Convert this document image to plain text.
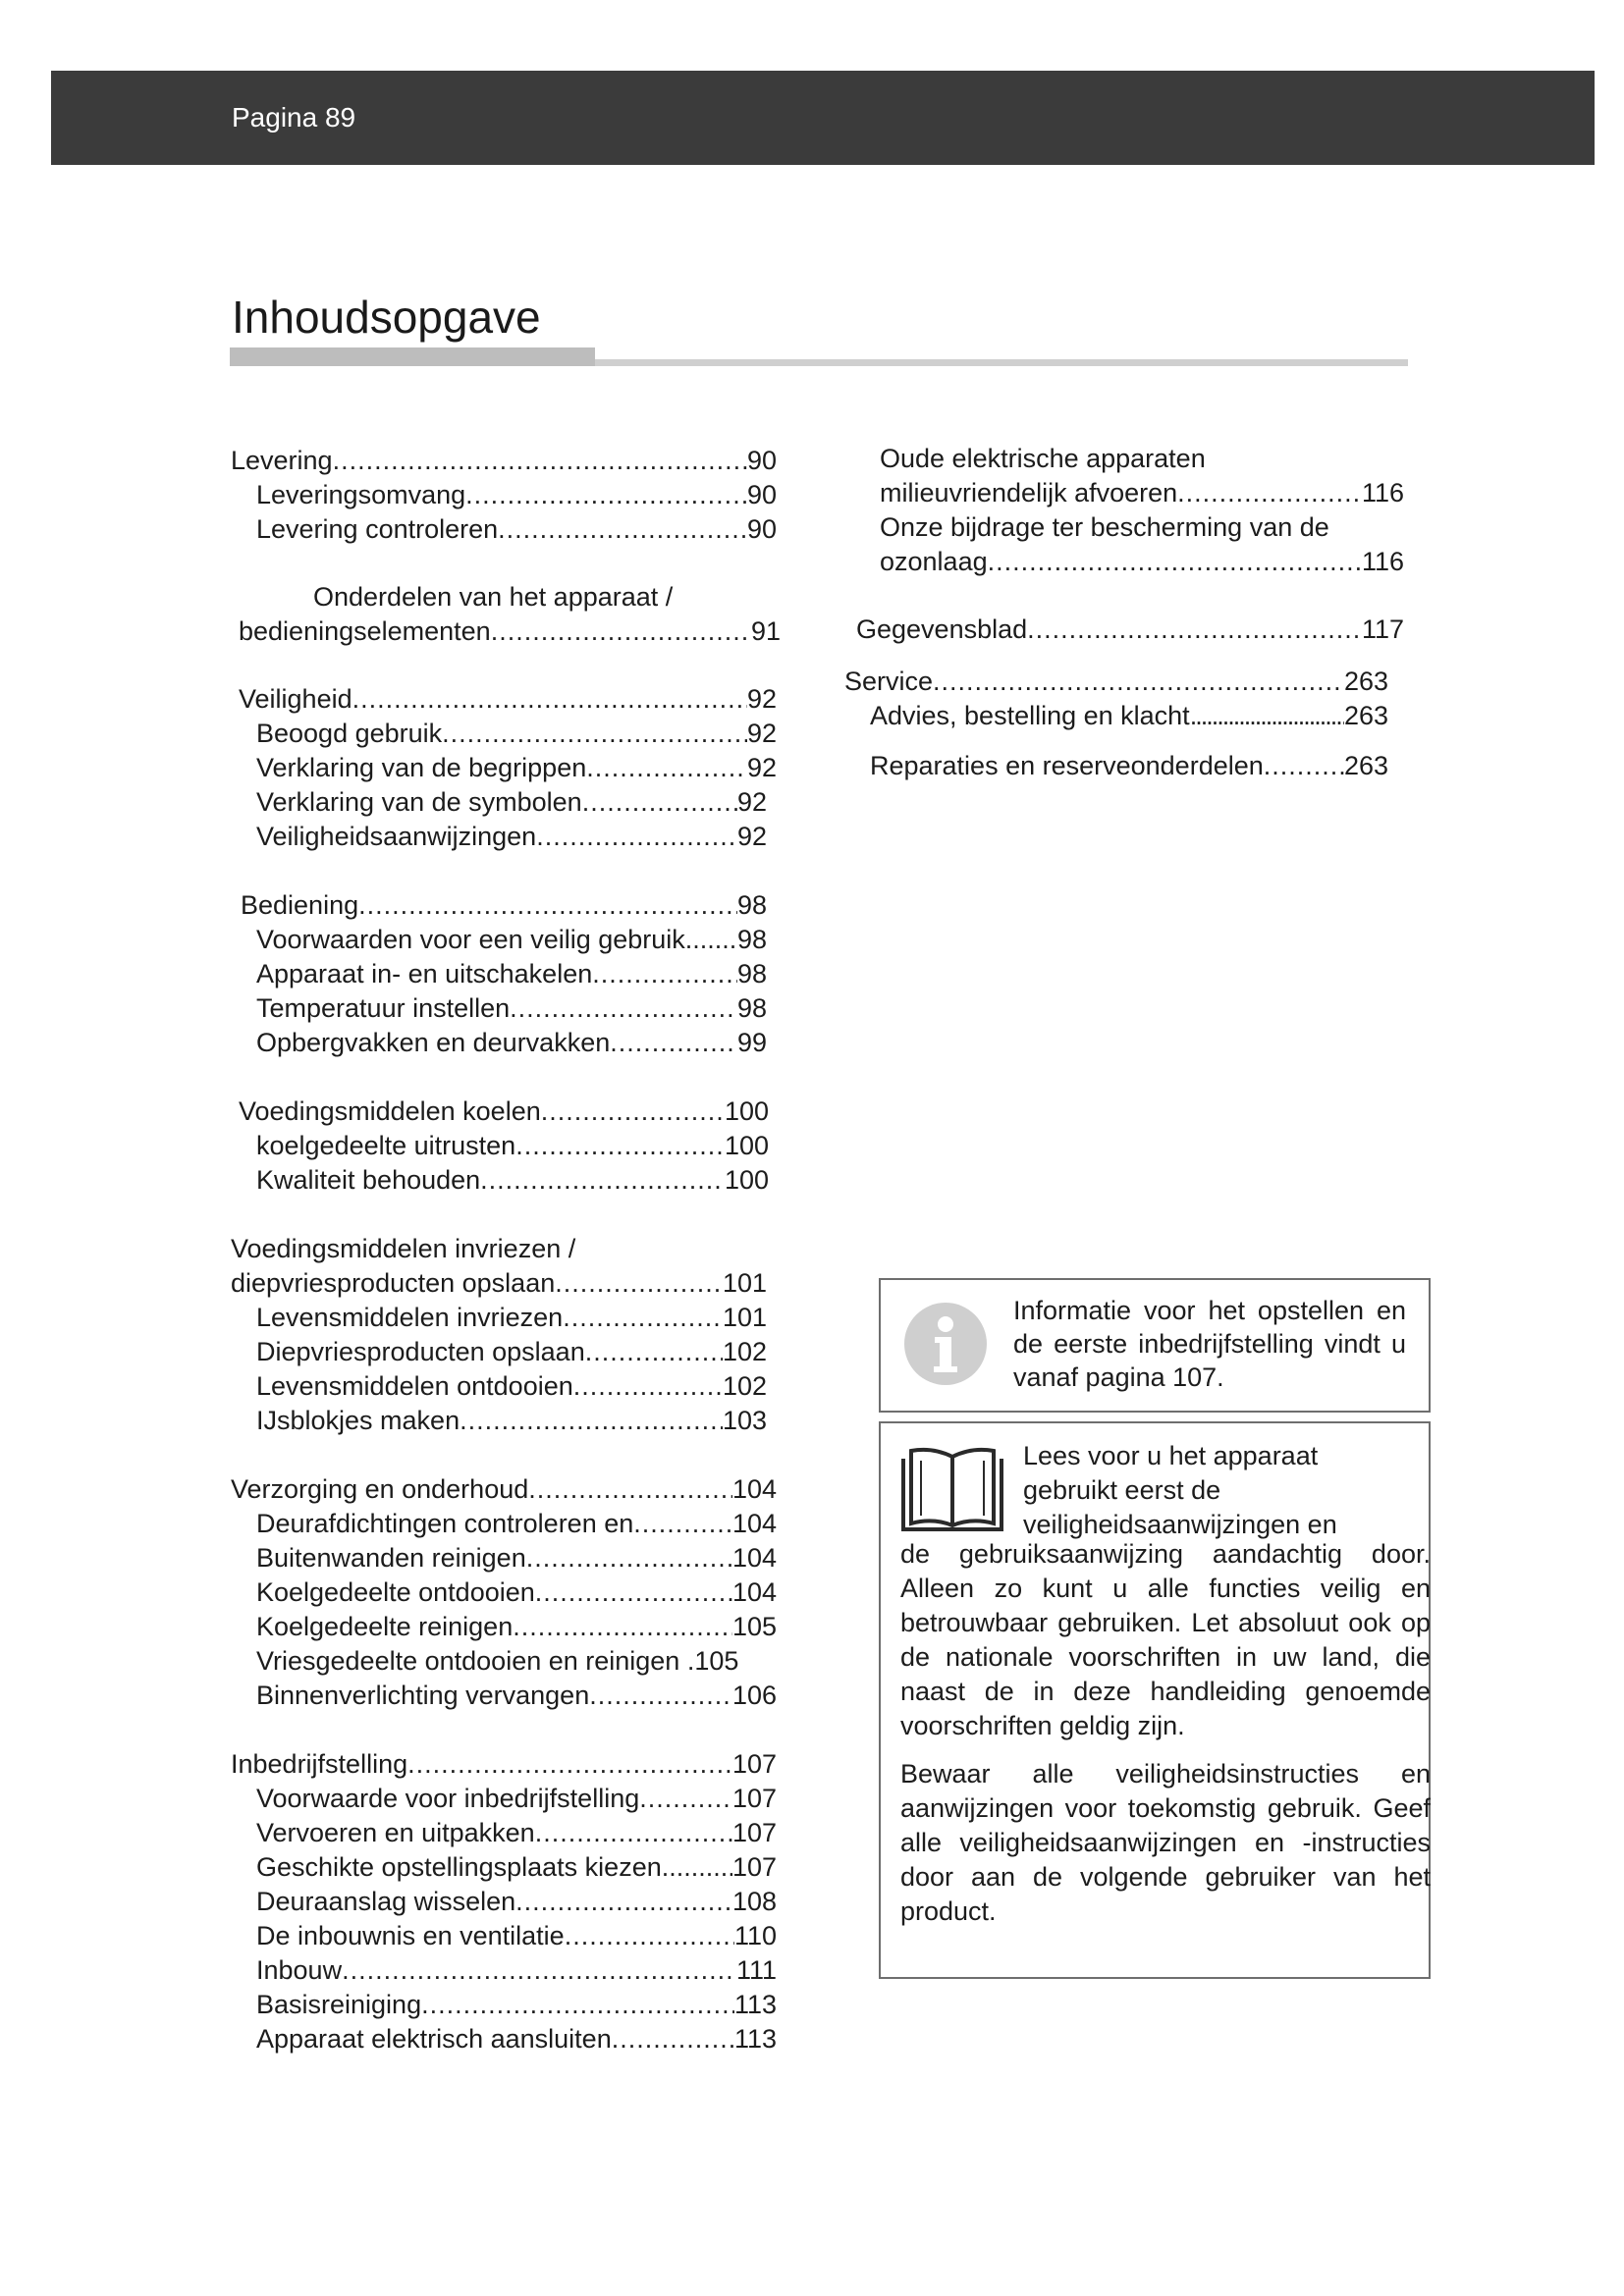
Pagina 89
Inhoudsopgave
Levering .....	90
Leveringsomvang .....	90
Levering controleren .....	90
Onderdelen van het apparaat /
bedieningselementen .....	91
Veiligheid .....	92
Beoogd gebruik .....	92
Verklaring van de begrippen .....	92
Verklaring van de symbolen .....	92
Veiligheidsaanwijzingen .....	92
Bediening .....	98
Voorwaarden voor een veilig gebruik ..... 98
Apparaat in- en uitschakelen .....	98
Temperatuur instellen .....	98
Opbergvakken en deurvakken .....	99
Voedingsmiddelen koelen .....	100
koelgedeelte uitrusten .....	100
Kwaliteit behouden .....	100
Voedingsmiddelen invriezen /
diepvriesproducten opslaan .....	101
Levensmiddelen invriezen .....	101
Diepvriesproducten opslaan .....	102
Levensmiddelen ontdooien .....	102
IJsblokjes maken .....	103
Verzorging en onderhoud .....	104
Deurafdichtingen controleren en .....	104
Buitenwanden reinigen .....	104
Koelgedeelte ontdooien .....	104
Koelgedeelte reinigen .....	105
Vriesgedeelte ontdooien en reinigen . 105
Binnenverlichting vervangen .....	106
Inbedrijfstelling .....	107
Voorwaarde voor inbedrijfstelling .....	107
Vervoeren en uitpakken .....	107
Geschikte opstellingsplaats kiezen .....	107
Deuraanslag wisselen .....	108
De inbouwnis en ventilatie .....	110
Inbouw .....	111
Basisreiniging .....	113
Apparaat elektrisch aansluiten .....	113
Oude elektrische apparaten
milieuvriendelijk afvoeren .....	116
Onze bijdrage ter bescherming van de
ozonlaag .....	116
Gegevensblad .....	117
Service .....	263
Advies, bestelling en klacht .....	263
Reparaties en reserveonderdelen .....	263
Informatie voor het opstellen en de eerste inbedrijfstelling vindt u vanaf pagina 107.
Lees voor u het apparaat gebruikt eerst de veiligheidsaanwijzingen en

de gebruiksaanwijzing aandachtig door. Alleen zo kunt u alle functies veilig en betrouwbaar gebruiken. Let absoluut ook op de nationale voorschriften in uw land, die naast de in deze handleiding genoemde voorschriften geldig zijn.

Bewaar alle veiligheidsinstructies en aanwijzingen voor toekomstig gebruik. Geef alle veiligheidsaanwijzingen en -instructies door aan de volgende gebruiker van het product.
